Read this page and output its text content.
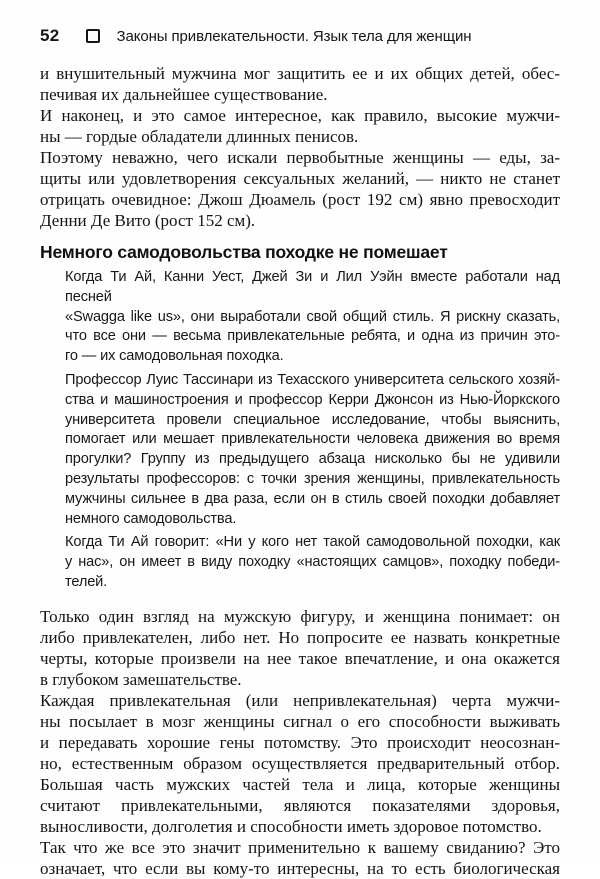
52	Законы привлекательности. Язык тела для женщин
и внушительный мужчина мог защитить ее и их общих детей, обес-
печивая их дальнейшее существование.
И наконец, и это самое интересное, как правило, высокие мужчи-
ны — гордые обладатели длинных пенисов.
Поэтому неважно, чего искали первобытные женщины — еды, за-
щиты или удовлетворения сексуальных желаний, — никто не станет
отрицать очевидное: Джош Дюамель (рост 192 см) явно превосходит
Денни Де Вито (рост 152 см).
Немного самодовольства походке не помешает
Когда Ти Ай, Канни Уест, Джей Зи и Лил Уэйн вместе работали над песней
«Swagga like us», они выработали свой общий стиль. Я рискну сказать,
что все они — весьма привлекательные ребята, и одна из причин это-
го — их самодовольная походка.
Профессор Луис Тассинари из Техасского университета сельского хозяй-
ства и машиностроения и профессор Керри Джонсон из Нью-Йоркского
университета провели специальное исследование, чтобы выяснить,
помогает или мешает привлекательности человека движения во время
прогулки? Группу из предыдущего абзаца нисколько бы не удивили
результаты профессоров: с точки зрения женщины, привлекательность
мужчины сильнее в два раза, если он в стиль своей походки добавляет
немного самодовольства.
Когда Ти Ай говорит: «Ни у кого нет такой самодовольной походки, как
у нас», он имеет в виду походку «настоящих самцов», походку победи-
телей.
Только один взгляд на мужскую фигуру, и женщина понимает: он
либо привлекателен, либо нет. Но попросите ее назвать конкретные
черты, которые произвели на нее такое впечатление, и она окажется
в глубоком замешательстве.
Каждая привлекательная (или непривлекательная) черта мужчи-
ны посылает в мозг женщины сигнал о его способности выживать
и передавать хорошие гены потомству. Это происходит неосознан-
но, естественным образом осуществляется предварительный отбор.
Большая часть мужских частей тела и лица, которые женщины
считают привлекательными, являются показателями здоровья,
выносливости, долголетия и способности иметь здоровое потомство.
Так что же все это значит применительно к вашему свиданию? Это
означает, что если вы кому-то интересны, на то есть биологическая
